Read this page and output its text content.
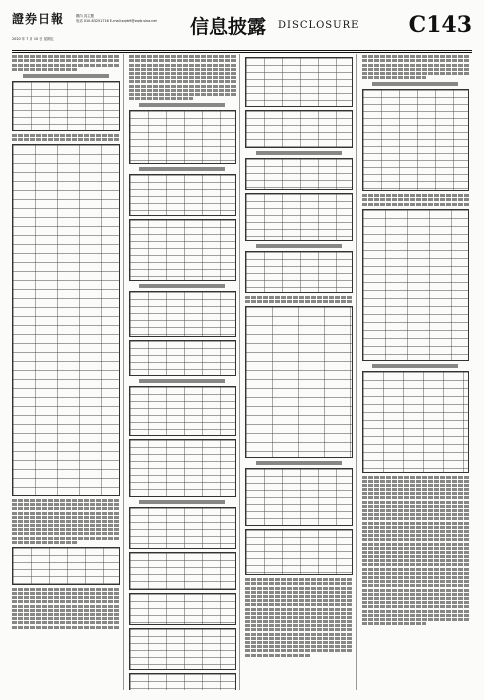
證券日報	國內 其主题
电话 010-83251716 E-mail:zqrb9@zqrb.sina.net
2020 年 7 月 10 日 星期五
信息披露 DISCLOSURE C143
